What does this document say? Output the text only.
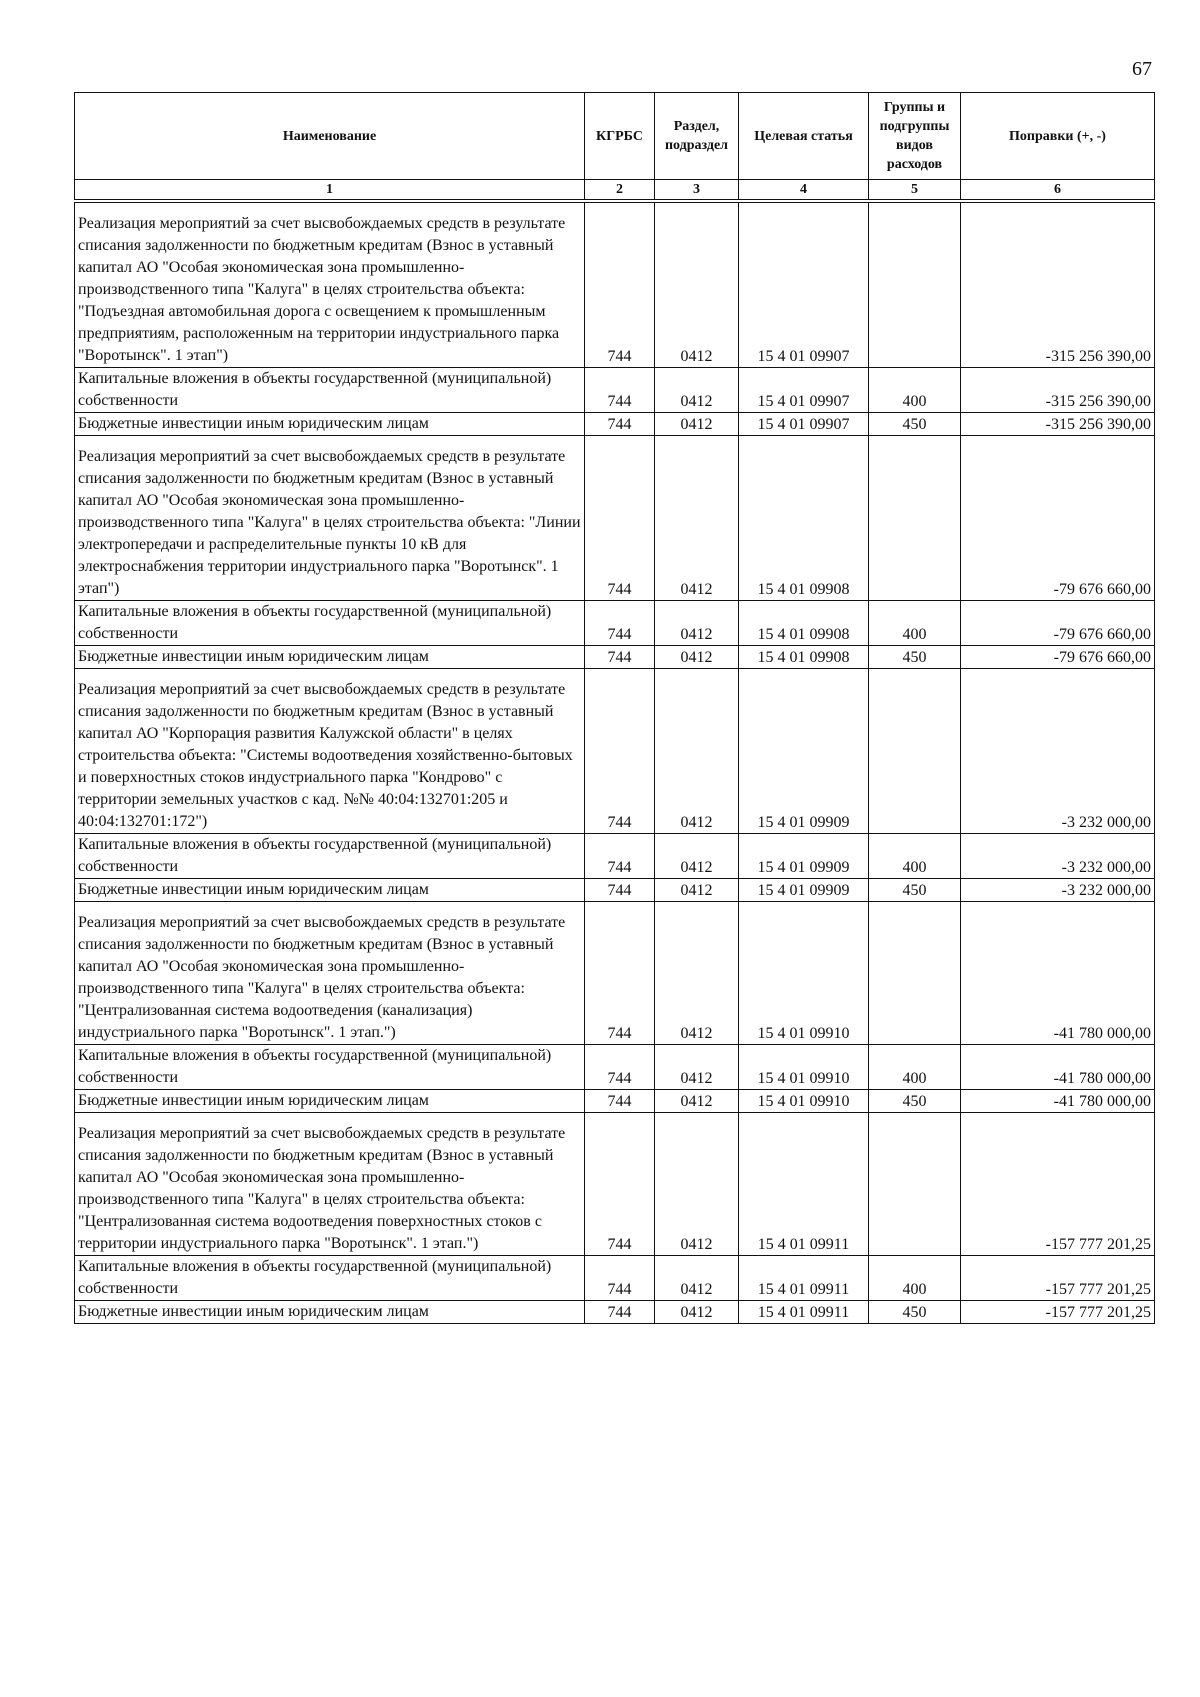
67
Наименование	КГРБС	Раздел, подраздел	Целевая статья	Группы и подгруппы видов расходов	Поправки (+, -)
1	2	3	4	5	6
Реализация мероприятий за счет высвобождаемых средств в результате списания задолженности по бюджетным кредитам (Взнос в уставный капитал АО "Особая экономическая зона промышленно-производственного типа "Калуга" в целях строительства объекта: "Подъездная автомобильная дорога с освещением к промышленным предприятиям, расположенным на территории индустриального парка "Воротынск". 1 этап")	744	0412	15 4 01 09907		-315 256 390,00
Капитальные вложения в объекты государственной (муниципальной) собственности	744	0412	15 4 01 09907	400	-315 256 390,00
Бюджетные инвестиции иным юридическим лицам	744	0412	15 4 01 09907	450	-315 256 390,00
Реализация мероприятий за счет высвобождаемых средств в результате списания задолженности по бюджетным кредитам (Взнос в уставный капитал АО "Особая экономическая зона промышленно-производственного типа "Калуга" в целях строительства объекта: "Линии электропередачи и распределительные пункты 10 кВ для электроснабжения территории индустриального парка "Воротынск". 1 этап")	744	0412	15 4 01 09908		-79 676 660,00
Капитальные вложения в объекты государственной (муниципальной) собственности	744	0412	15 4 01 09908	400	-79 676 660,00
Бюджетные инвестиции иным юридическим лицам	744	0412	15 4 01 09908	450	-79 676 660,00
Реализация мероприятий за счет высвобождаемых средств в результате списания задолженности по бюджетным кредитам (Взнос в уставный капитал АО "Корпорация развития Калужской области" в целях строительства объекта: "Системы водоотведения хозяйственно-бытовых и поверхностных стоков индустриального парка "Кондрово" с территории земельных участков с кад. №№ 40:04:132701:205 и 40:04:132701:172")	744	0412	15 4 01 09909		-3 232 000,00
Капитальные вложения в объекты государственной (муниципальной) собственности	744	0412	15 4 01 09909	400	-3 232 000,00
Бюджетные инвестиции иным юридическим лицам	744	0412	15 4 01 09909	450	-3 232 000,00
Реализация мероприятий за счет высвобождаемых средств в результате списания задолженности по бюджетным кредитам (Взнос в уставный капитал АО "Особая экономическая зона промышленно-производственного типа "Калуга" в целях строительства объекта: "Централизованная система водоотведения (канализация) индустриального парка "Воротынск". 1 этап.")	744	0412	15 4 01 09910		-41 780 000,00
Капитальные вложения в объекты государственной (муниципальной) собственности	744	0412	15 4 01 09910	400	-41 780 000,00
Бюджетные инвестиции иным юридическим лицам	744	0412	15 4 01 09910	450	-41 780 000,00
Реализация мероприятий за счет высвобождаемых средств в результате списания задолженности по бюджетным кредитам (Взнос в уставный капитал АО "Особая экономическая зона промышленно-производственного типа "Калуга" в целях строительства объекта: "Централизованная система водоотведения поверхностных стоков с территории индустриального парка "Воротынск". 1 этап.")	744	0412	15 4 01 09911		-157 777 201,25
Капитальные вложения в объекты государственной (муниципальной) собственности	744	0412	15 4 01 09911	400	-157 777 201,25
Бюджетные инвестиции иным юридическим лицам	744	0412	15 4 01 09911	450	-157 777 201,25
